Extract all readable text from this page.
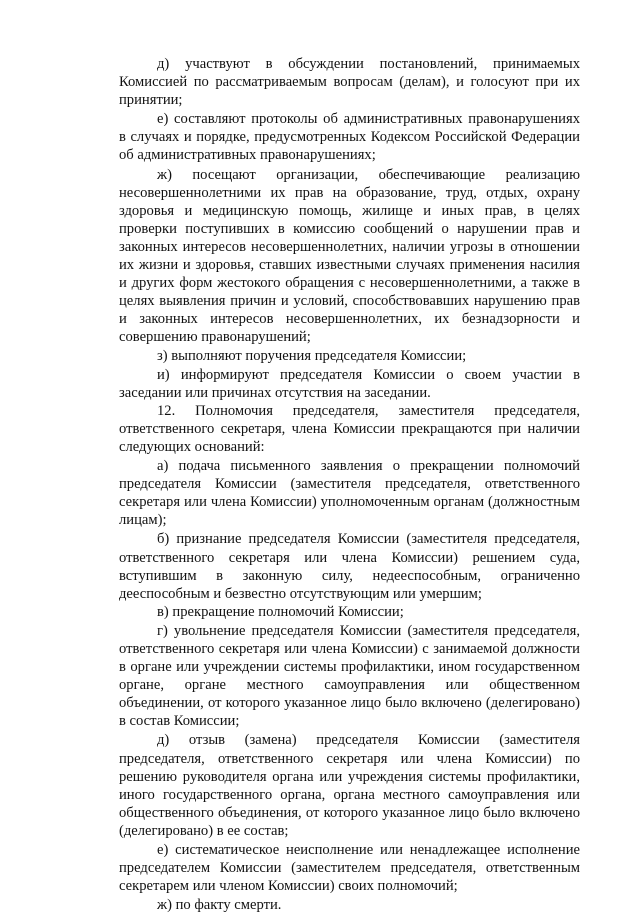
д) участвуют в обсуждении постановлений, принимаемых Комиссией по рассматриваемым вопросам (делам), и голосуют при их принятии;

е) составляют протоколы об административных правонарушениях в случаях и порядке, предусмотренных Кодексом Российской Федерации об административных правонарушениях;

ж) посещают организации, обеспечивающие реализацию несовершеннолетними их прав на образование, труд, отдых, охрану здоровья и медицинскую помощь, жилище и иных прав, в целях проверки поступивших в комиссию сообщений о нарушении прав и законных интересов несовершеннолетних, наличии угрозы в отношении их жизни и здоровья, ставших известными случаях применения насилия и других форм жестокого обращения с несовершеннолетними, а также в целях выявления причин и условий, способствовавших нарушению прав и законных интересов несовершеннолетних, их безнадзорности и совершению правонарушений;

з) выполняют поручения председателя Комиссии;

и) информируют председателя Комиссии о своем участии в заседании или причинах отсутствия на заседании.

12. Полномочия председателя, заместителя председателя, ответственного секретаря, члена Комиссии прекращаются при наличии следующих оснований:

а) подача письменного заявления о прекращении полномочий председателя Комиссии (заместителя председателя, ответственного секретаря или члена Комиссии) уполномоченным органам (должностным лицам);

б) признание председателя Комиссии (заместителя председателя, ответственного секретаря или члена Комиссии) решением суда, вступившим в законную силу, недееспособным, ограниченно дееспособным и безвестно отсутствующим или умершим;

в) прекращение полномочий Комиссии;

г) увольнение председателя Комиссии (заместителя председателя, ответственного секретаря или члена Комиссии) с занимаемой должности в органе или учреждении системы профилактики, ином государственном органе, органе местного самоуправления или общественном объединении, от которого указанное лицо было включено (делегировано) в состав Комиссии;

д) отзыв (замена) председателя Комиссии (заместителя председателя, ответственного секретаря или члена Комиссии) по решению руководителя органа или учреждения системы профилактики, иного государственного органа, органа местного самоуправления или общественного объединения, от которого указанное лицо было включено (делегировано) в ее состав;

е) систематическое неисполнение или ненадлежащее исполнение председателем Комиссии (заместителем председателя, ответственным секретарем или членом Комиссии) своих полномочий;

ж) по факту смерти.
